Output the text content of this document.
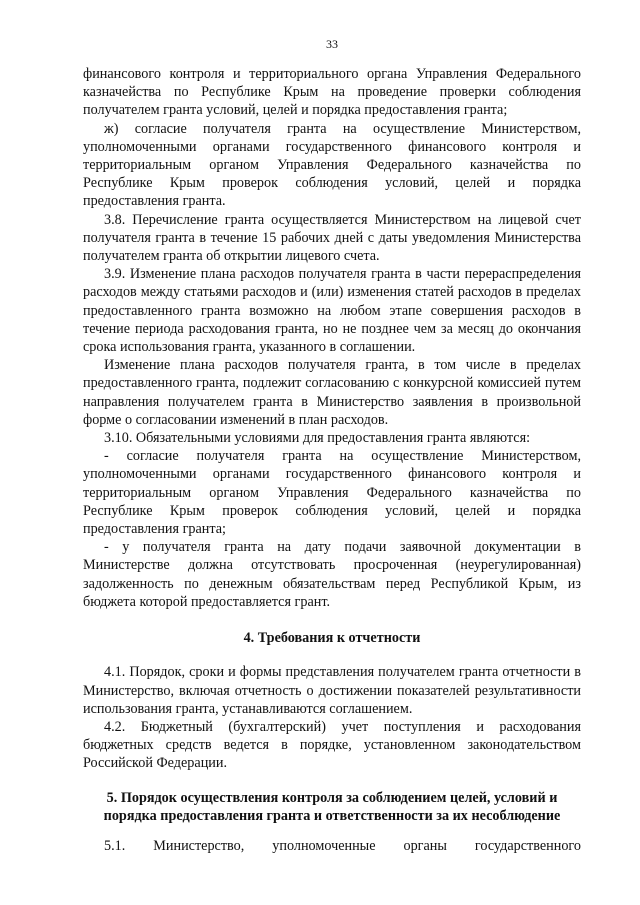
33

финансового контроля и территориального органа Управления Федерального казначейства по Республике Крым на проведение проверки соблюдения получателем гранта условий, целей и порядка предоставления гранта;

ж) согласие получателя гранта на осуществление Министерством, уполномоченными органами государственного финансового контроля и территориальным органом Управления Федерального казначейства по Республике Крым проверок соблюдения условий, целей и порядка предоставления гранта.

3.8. Перечисление гранта осуществляется Министерством на лицевой счет получателя гранта в течение 15 рабочих дней с даты уведомления Министерства получателем гранта об открытии лицевого счета.

3.9. Изменение плана расходов получателя гранта в части перераспределения расходов между статьями расходов и (или) изменения статей расходов в пределах предоставленного гранта возможно на любом этапе совершения расходов в течение периода расходования гранта, но не позднее чем за месяц до окончания срока использования гранта, указанного в соглашении.

Изменение плана расходов получателя гранта, в том числе в пределах предоставленного гранта, подлежит согласованию с конкурсной комиссией путем направления получателем гранта в Министерство заявления в произвольной форме о согласовании изменений в план расходов.

3.10. Обязательными условиями для предоставления гранта являются:

- согласие получателя гранта на осуществление Министерством, уполномоченными органами государственного финансового контроля и территориальным органом Управления Федерального казначейства по Республике Крым проверок соблюдения условий, целей и порядка предоставления гранта;

- у получателя гранта на дату подачи заявочной документации в Министерстве должна отсутствовать просроченная (неурегулированная) задолженность по денежным обязательствам перед Республикой Крым, из бюджета которой предоставляется грант.

4. Требования к отчетности

4.1. Порядок, сроки и формы представления получателем гранта отчетности в Министерство, включая отчетность о достижении показателей результативности использования гранта, устанавливаются соглашением.

4.2. Бюджетный (бухгалтерский) учет поступления и расходования бюджетных средств ведется в порядке, установленном законодательством Российской Федерации.

5. Порядок осуществления контроля за соблюдением целей, условий и порядка предоставления гранта и ответственности за их несоблюдение
5.1. Министерство, уполномоченные органы государственного
